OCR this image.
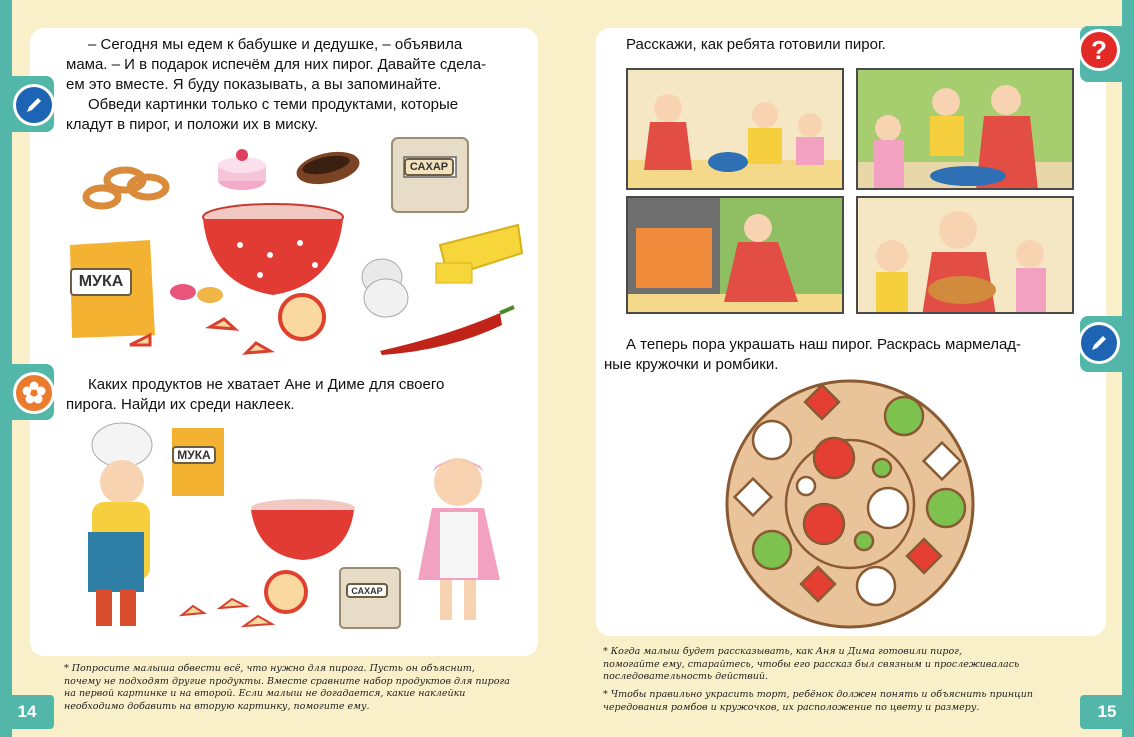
– Сегодня мы едем к бабушке и дедушке, – объявила

мама. – И в подарок испечём для них пирог. Давайте сдела-

ем это вместе. Я буду показывать, а вы запоминайте.

Обведи картинки только с теми продуктами, которые

кладут в пирог, и положи их в миску.

САХАР
МУКА

Каких продуктов не хватает Ане и Диме для своего

пирога. Найди их среди наклеек.

МУКА
САХАР

* Попросите малыша обвести всё, что нужно для пирога. Пусть он объяснит,

почему не подходят другие продукты. Вместе сравните набор продуктов для пирога

на первой картинке и на второй. Если малыш не догадается, какие наклейки

необходимо добавить на вторую картинку, помогите ему.

14
?

Расскажи, как ребята готовили пирог.

А теперь пора украшать наш пирог. Раскрась мармелад-

ные кружочки и ромбики.

* Когда малыш будет рассказывать, как Аня и Дима готовили пирог,

помогайте ему, старайтесь, чтобы его рассказ был связным и прослеживалась

последовательность действий.

* Чтобы правильно украсить торт, ребёнок должен понять и объяснить принцип

чередования ромбов и кружочков, их расположение по цвету и размеру.	15
